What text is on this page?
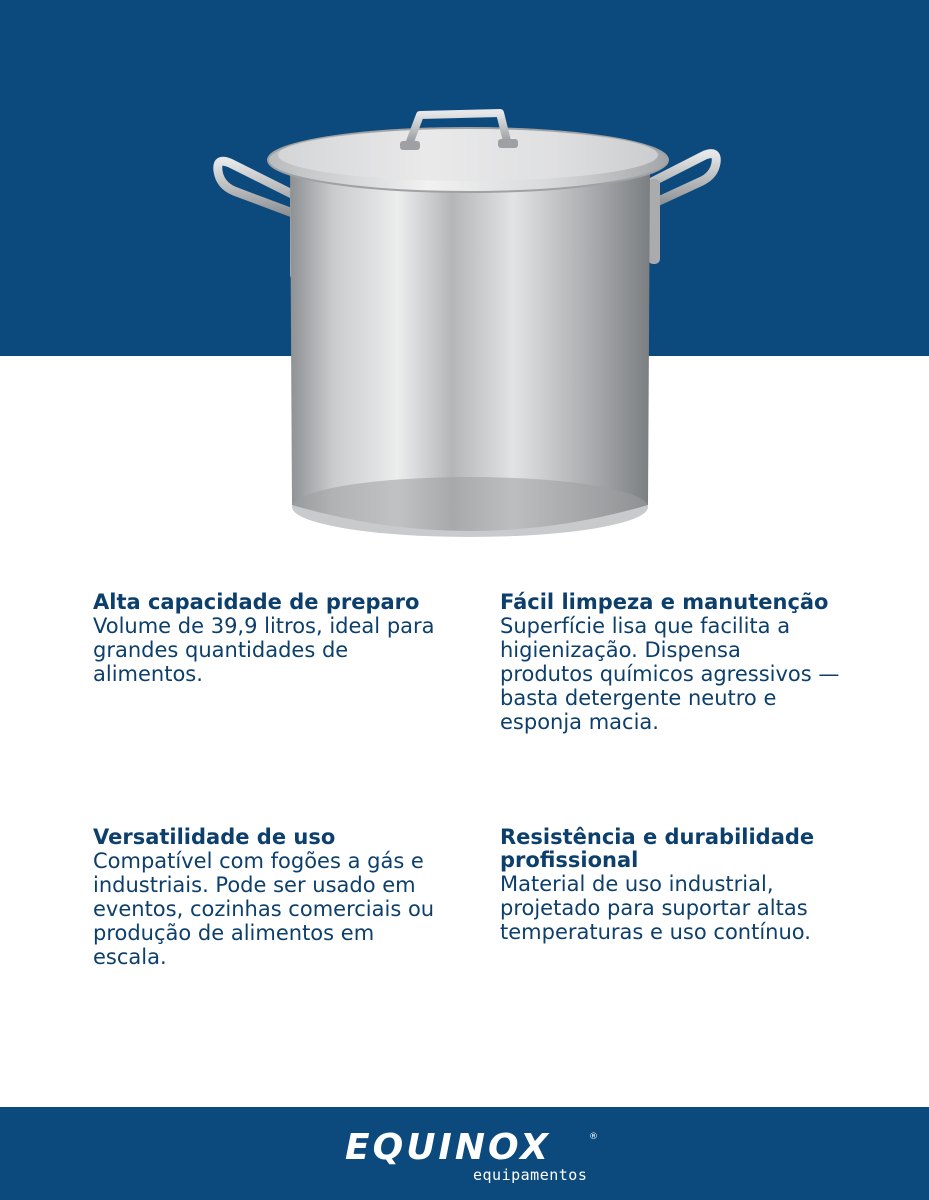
Alta capacidade de preparo

Volume de 39,9 litros, ideal para grandes quantidades de alimentos.

Fácil limpeza e manutenção

Superfície lisa que facilita a higienização. Dispensa produtos químicos agressivos — basta detergente neutro e esponja macia.

Versatilidade de uso

Compatível com fogões a gás e industriais. Pode ser usado em eventos, cozinhas comerciais ou produção de alimentos em escala.

Resistência e durabilidade profissional

Material de uso industrial, projetado para suportar altas temperaturas e uso contínuo.

EQUINOX	®
equipamentos
